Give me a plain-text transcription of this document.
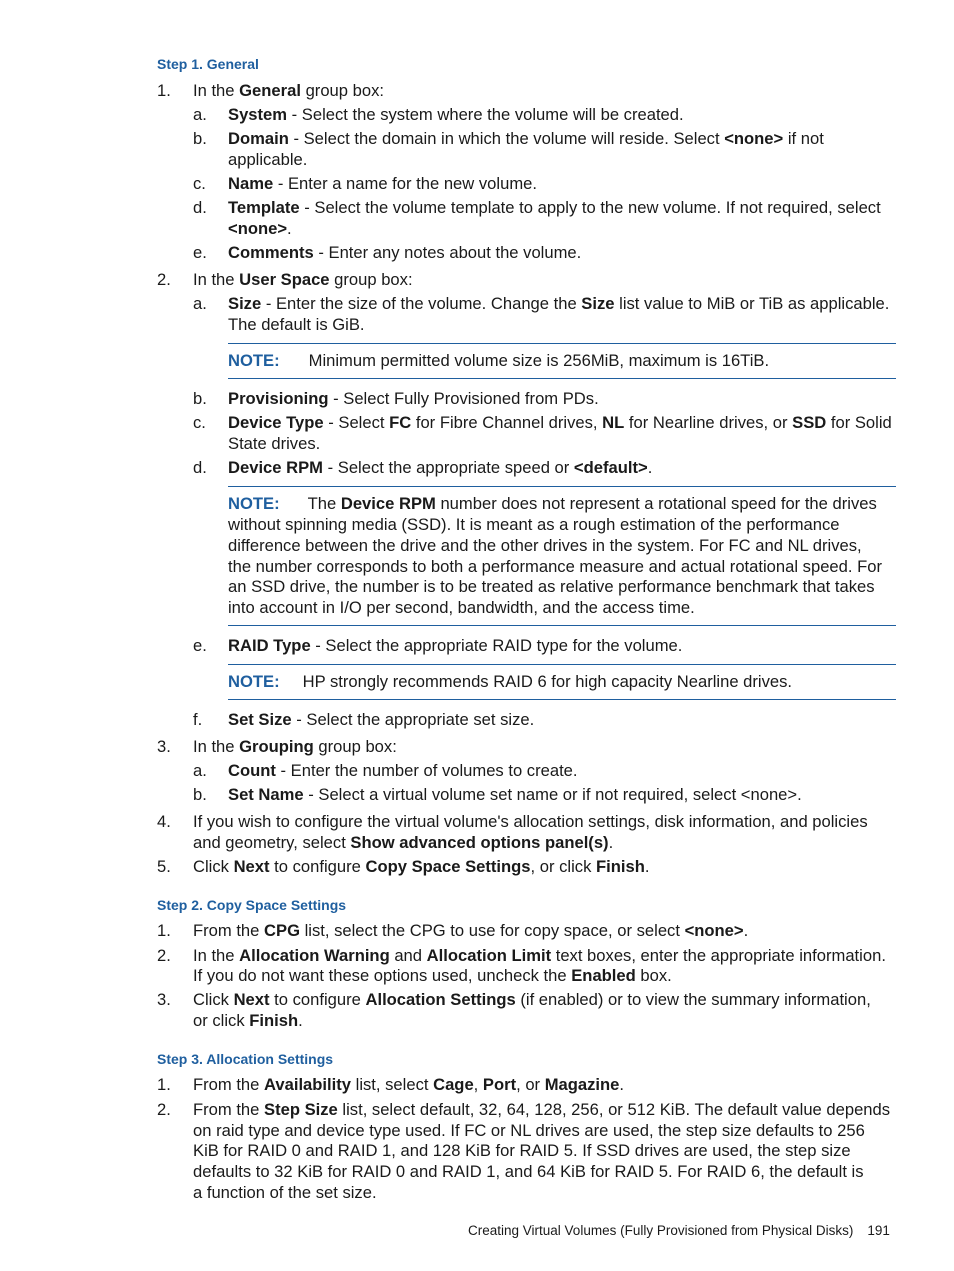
Step 1. General
1. In the General group box:
a. System - Select the system where the volume will be created.
b. Domain - Select the domain in which the volume will reside. Select <none> if not
applicable.
c. Name - Enter a name for the new volume.
d. Template - Select the volume template to apply to the new volume. If not required, select
<none>.
e. Comments - Enter any notes about the volume.
2. In the User Space group box:
a. Size - Enter the size of the volume. Change the Size list value to MiB or TiB as applicable.
The default is GiB.
NOTE: Minimum permitted volume size is 256MiB, maximum is 16TiB.
b. Provisioning - Select Fully Provisioned from PDs.
c. Device Type - Select FC for Fibre Channel drives, NL for Nearline drives, or SSD for Solid
State drives.
d. Device RPM - Select the appropriate speed or <default>.
NOTE: The Device RPM number does not represent a rotational speed for the drives
without spinning media (SSD). It is meant as a rough estimation of the performance
difference between the drive and the other drives in the system. For FC and NL drives,
the number corresponds to both a performance measure and actual rotational speed. For
an SSD drive, the number is to be treated as relative performance benchmark that takes
into account in I/O per second, bandwidth, and the access time.
e. RAID Type - Select the appropriate RAID type for the volume.
NOTE: HP strongly recommends RAID 6 for high capacity Nearline drives.
f. Set Size - Select the appropriate set size.
3. In the Grouping group box:
a. Count - Enter the number of volumes to create.
b. Set Name - Select a virtual volume set name or if not required, select <none>.
4. If you wish to configure the virtual volume's allocation settings, disk information, and policies
and geometry, select Show advanced options panel(s).
5. Click Next to configure Copy Space Settings, or click Finish.
Step 2. Copy Space Settings
1. From the CPG list, select the CPG to use for copy space, or select <none>.
2. In the Allocation Warning and Allocation Limit text boxes, enter the appropriate information.
If you do not want these options used, uncheck the Enabled box.
3. Click Next to configure Allocation Settings (if enabled) or to view the summary information,
or click Finish.
Step 3. Allocation Settings
1. From the Availability list, select Cage, Port, or Magazine.
2. From the Step Size list, select default, 32, 64, 128, 256, or 512 KiB. The default value depends
on raid type and device type used. If FC or NL drives are used, the step size defaults to 256
KiB for RAID 0 and RAID 1, and 128 KiB for RAID 5. If SSD drives are used, the step size
defaults to 32 KiB for RAID 0 and RAID 1, and 64 KiB for RAID 5. For RAID 6, the default is
a function of the set size.
Creating Virtual Volumes (Fully Provisioned from Physical Disks) 191
